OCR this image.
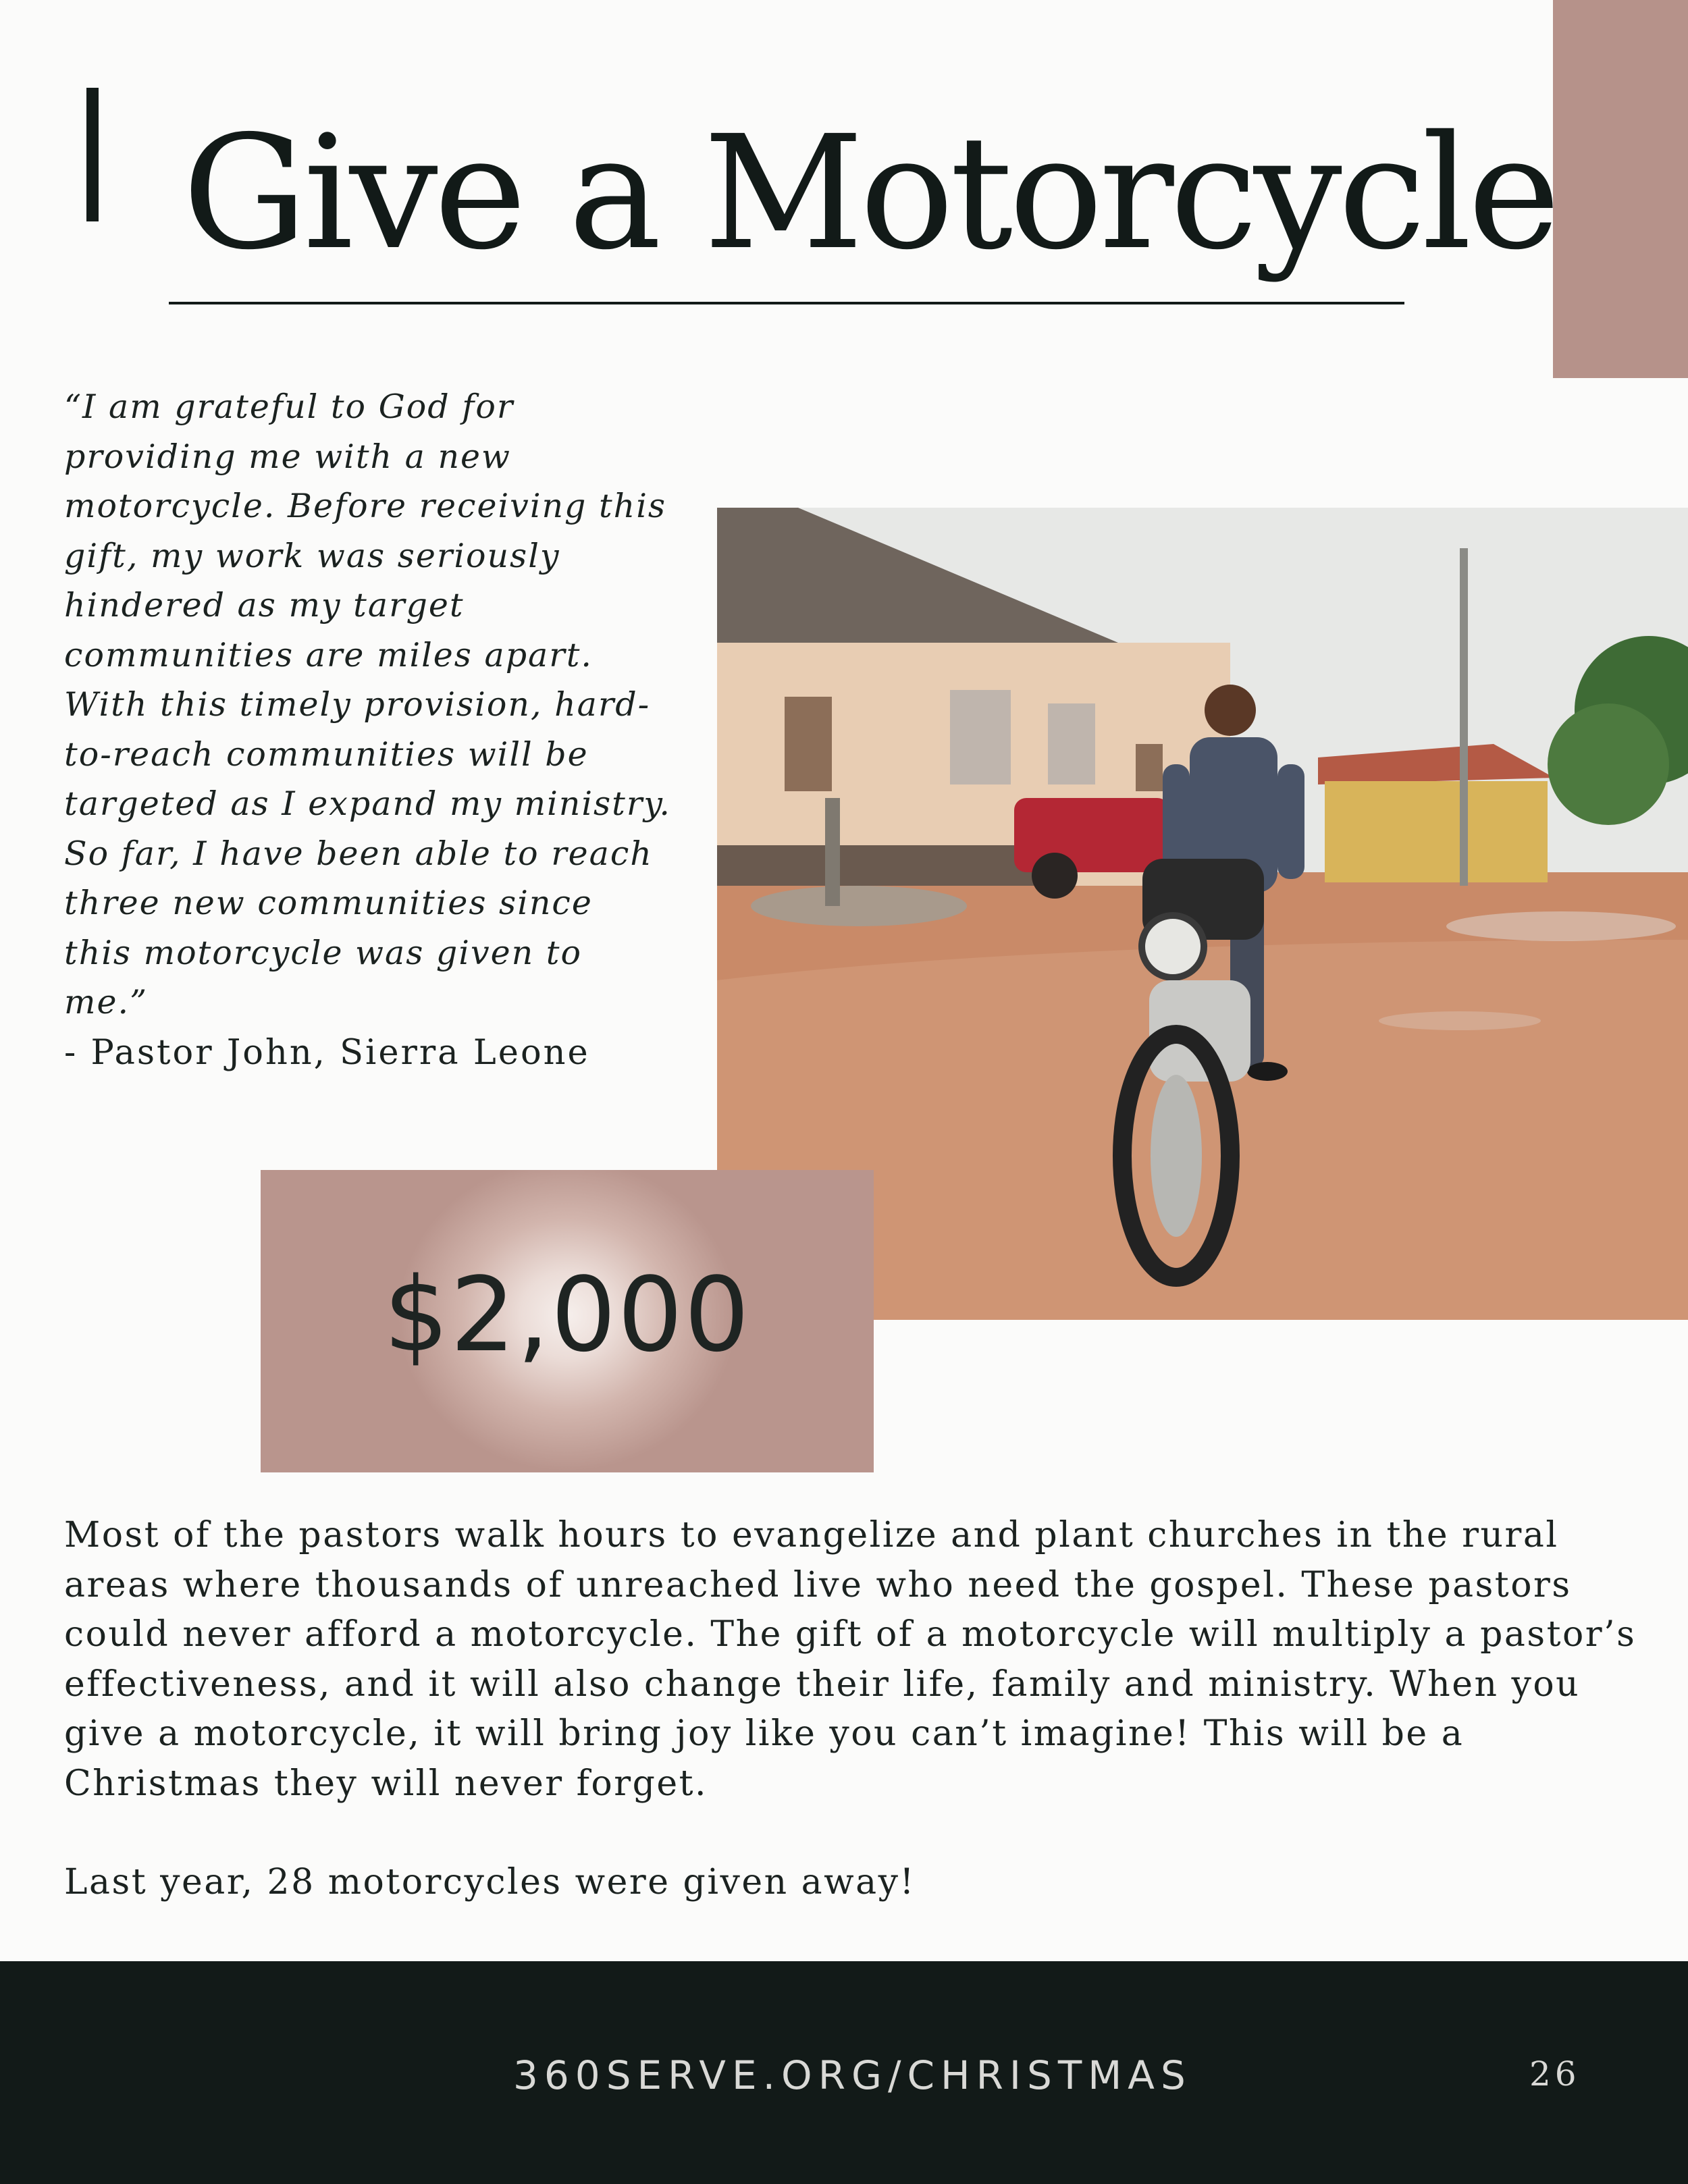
Give a Motorcycle

“I am grateful to God for providing me with a new motorcycle. Before receiving this gift, my work was seriously hindered as my target communities are miles apart. With this timely provision, hard-to-reach communities will be targeted as I expand my ministry. So far, I have been able to reach three new communities since this motorcycle was given to me.”

- Pastor John, Sierra Leone

$2,000

Most of the pastors walk hours to evangelize and plant churches in the rural areas where thousands of unreached live who need the gospel. These pastors could never afford a motorcycle. The gift of a motorcycle will multiply a pastor’s effectiveness, and it will also change their life, family and ministry. When you give a motorcycle, it will bring joy like you can’t imagine! This will be a Christmas they will never forget.

Last year, 28 motorcycles were given away!

360SERVE.ORG/CHRISTMAS	26
